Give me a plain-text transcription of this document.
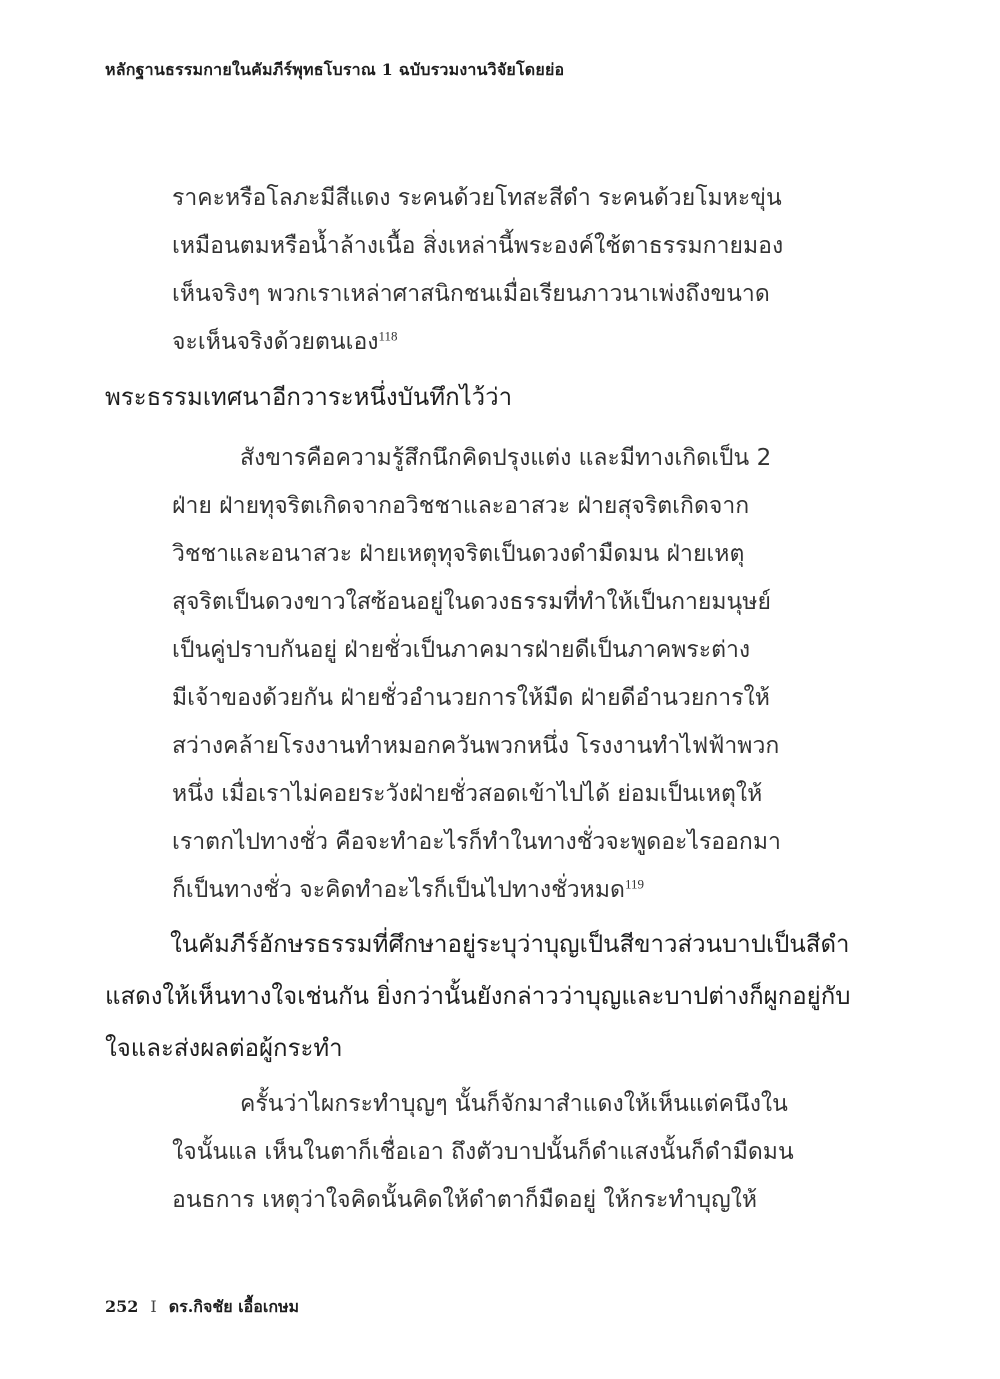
หลักฐานธรรมกายในคัมภีร์พุทธโบราณ 1 ฉบับรวมงานวิจัยโดยย่อ
ราคะหรือโลภะมีสีแดง ระคนด้วยโทสะสีดำ ระคนด้วยโมหะขุ่น
เหมือนตมหรือน้ำล้างเนื้อ สิ่งเหล่านี้พระองค์ใช้ตาธรรมกายมอง
เห็นจริงๆ พวกเราเหล่าศาสนิกชนเมื่อเรียนภาวนาเพ่งถึงขนาด
จะเห็นจริงด้วยตนเอง$^{118}$
พระธรรมเทศนาอีกวาระหนึ่งบันทึกไว้ว่า
สังขารคือความรู้สึกนึกคิดปรุงแต่ง และมีทางเกิดเป็น 2
ฝ่าย ฝ่ายทุจริตเกิดจากอวิชชาและอาสวะ ฝ่ายสุจริตเกิดจาก
วิชชาและอนาสวะ ฝ่ายเหตุทุจริตเป็นดวงดำมืดมน ฝ่ายเหตุ
สุจริตเป็นดวงขาวใสซ้อนอยู่ในดวงธรรมที่ทำให้เป็นกายมนุษย์
เป็นคู่ปราบกันอยู่ ฝ่ายชั่วเป็นภาคมารฝ่ายดีเป็นภาคพระต่าง
มีเจ้าของด้วยกัน ฝ่ายชั่วอำนวยการให้มืด ฝ่ายดีอำนวยการให้
สว่างคล้ายโรงงานทำหมอกควันพวกหนึ่ง โรงงานทำไฟฟ้าพวก
หนึ่ง เมื่อเราไม่คอยระวังฝ่ายชั่วสอดเข้าไปได้ ย่อมเป็นเหตุให้
เราตกไปทางชั่ว คือจะทำอะไรก็ทำในทางชั่วจะพูดอะไรออกมา
ก็เป็นทางชั่ว จะคิดทำอะไรก็เป็นไปทางชั่วหมด$^{119}$
ในคัมภีร์อักษรธรรมที่ศึกษาอยู่ระบุว่าบุญเป็นสีขาวส่วนบาปเป็นสีดำ
แสดงให้เห็นทางใจเช่นกัน ยิ่งกว่านั้นยังกล่าวว่าบุญและบาปต่างก็ผูกอยู่กับ
ใจและส่งผลต่อผู้กระทำ
ครั้นว่าไผกระทำบุญๆ นั้นก็จักมาสำแดงให้เห็นแต่คนึงใน
ใจนั้นแล เห็นในตาก็เชื่อเอา ถึงตัวบาปนั้นก็ดำแสงนั้นก็ดำมืดมน
อนธการ เหตุว่าใจคิดนั้นคิดให้ดำตาก็มืดอยู่ ให้กระทำบุญให้
252 I ดร.กิจชัย เอื้อเกษม
